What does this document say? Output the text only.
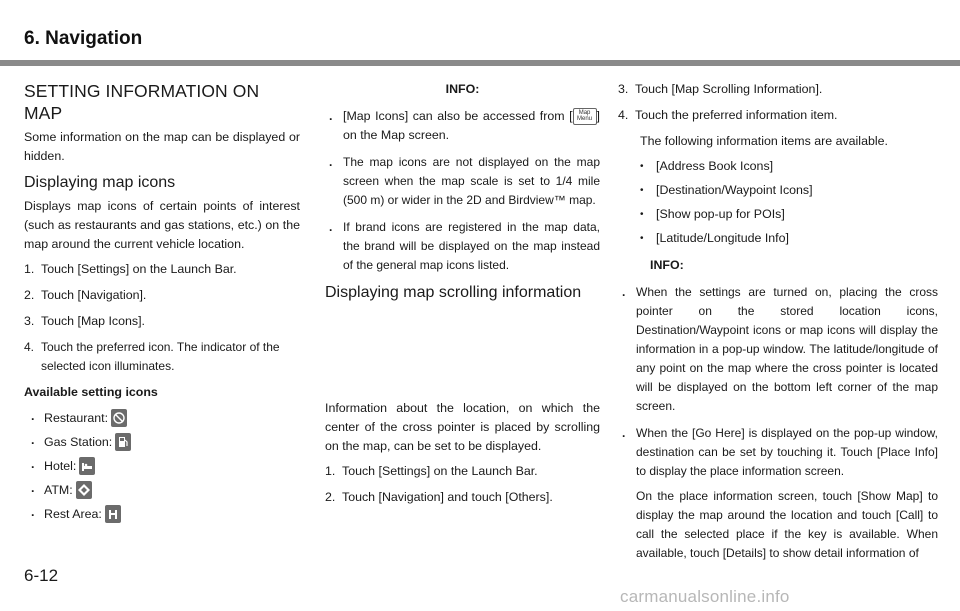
6. Navigation
SETTING INFORMATION ON MAP

Some information on the map can be displayed or hidden.

Displaying map icons

Displays map icons of certain points of interest (such as restaurants and gas stations, etc.) on the map around the current vehicle location.

1. Touch [Settings] on the Launch Bar.
2. Touch [Navigation].
3. Touch [Map Icons].
4. Touch the preferred icon. The indicator of the selected icon illuminates.

Available setting icons

. Restaurant:
. Gas Station:
. Hotel:
. ATM:
. Rest Area:

INFO:

. [Map Icons] can also be accessed from [ Map
Menu ] on the Map screen.
. The map icons are not displayed on the map screen when the map scale is set to 1/4 mile (500 m) or wider in the 2D and Birdview™ map.
. If brand icons are registered in the map data, the brand will be displayed on the map instead of the general map icons listed.
Displaying map scrolling information

Information about the location, on which the center of the cross pointer is placed by scrolling on the map, can be set to be displayed.

1. Touch [Settings] on the Launch Bar.
2. Touch [Navigation] and touch [Others].
3. Touch [Map Scrolling Information].
4. Touch the preferred information item.

The following information items are available.

• [Address Book Icons]
• [Destination/Waypoint Icons]
• [Show pop-up for POIs]
• [Latitude/Longitude Info]

INFO:

. When the settings are turned on, placing the cross pointer on the stored location icons, Destination/Waypoint icons or map icons will display the information in a pop-up window. The latitude/longitude of any point on the map where the cross pointer is located will be displayed on the bottom left corner of the map screen.
. When the [Go Here] is displayed on the pop-up window, destination can be set by touching it. Touch [Place Info] to display the place information screen.

On the place information screen, touch [Show Map] to display the map around the location and touch [Call] to call the selected place if the key is available. When available, touch [Details] to show detail information of

6-12

carmanualsonline.info
